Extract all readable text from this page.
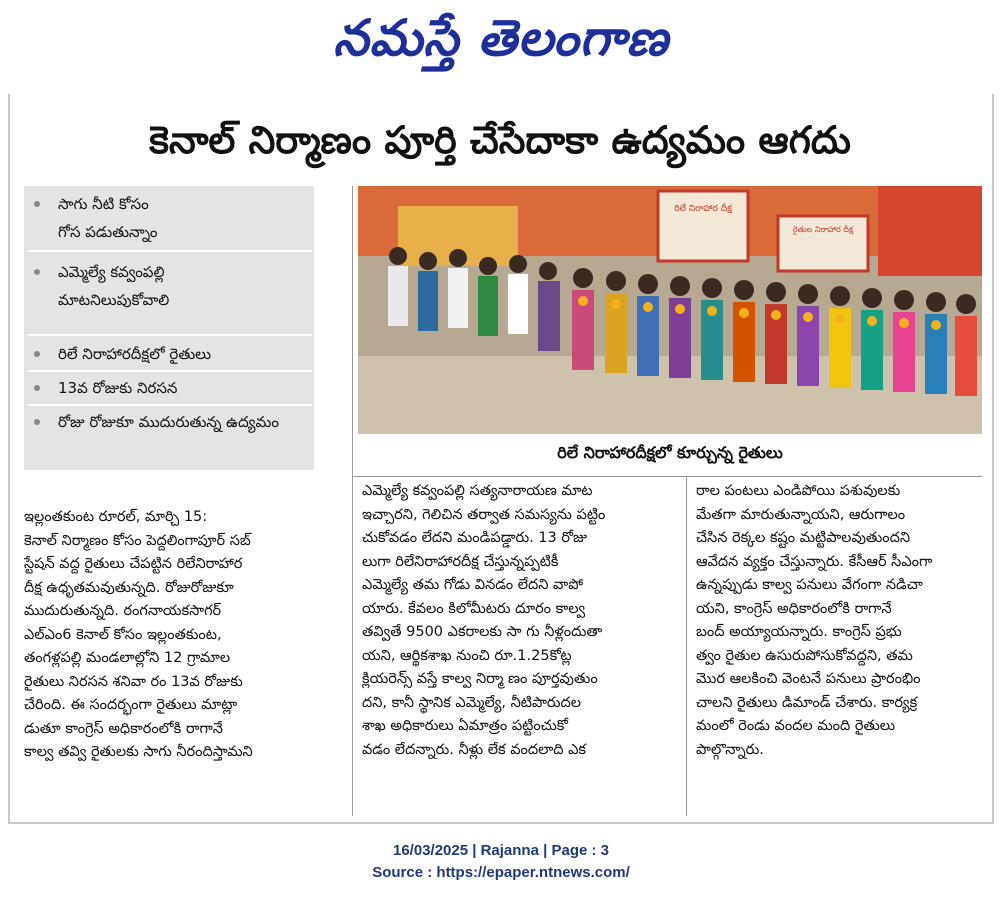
నమస్తే తెలంగాణ
కెనాల్ నిర్మాణం పూర్తి చేసేదాకా ఉద్యమం ఆగదు
సాగు నీటి కోసం
గోస పడుతున్నాం
ఎమ్మెల్యే కవ్వంపల్లి
మాటనిలుపుకోవాలి
రిలే నిరాహారదీక్షలో రైతులు
13వ రోజుకు నిరసన
రోజు రోజుకూ ముదురుతున్న ఉద్యమం
రిలే నిరాహార దీక్ష
రైతుల నిరాహార దీక్ష
రిలే నిరాహారదీక్షలో కూర్చున్న రైతులు
ఇల్లంతకుంట రూరల్, మార్చి 15:
కెనాల్ నిర్మాణం కోసం పెద్దలింగాపూర్ సబ్
స్టేషన్ వద్ద రైతులు చేపట్టిన రిలేనిరాహార
దీక్ష ఉధృతమవుతున్నది. రోజురోజుకూ
ముదురుతున్నది. రంగనాయకసాగర్
ఎల్ఎం6 కెనాల్ కోసం ఇల్లంతకుంట,
తంగళ్లపల్లి మండలాల్లోని 12 గ్రామాల
రైతులు నిరసన శనివా రం 13వ రోజుకు
చేరింది. ఈ సందర్భంగా రైతులు మాట్లా
డుతూ కాంగ్రెస్ అధికారంలోకి రాగానే
కాల్వ తవ్వి రైతులకు సాగు నీరందిస్తామని
ఎమ్మెల్యే కవ్వంపల్లి సత్యనారాయణ మాట
ఇచ్చారని, గెలిచిన తర్వాత సమస్యను పట్టిం
చుకోవడం లేదని మండిపడ్డారు. 13 రోజు
లుగా రిలేనిరాహారదీక్ష చేస్తున్నప్పటికీ
ఎమ్మెల్యే తమ గోడు వినడం లేదని వాపో
యారు. కేవలం కిలోమీటరు దూరం కాల్వ
తవ్వితే 9500 ఎకరాలకు సా గు నీళ్లందుతా
యని, ఆర్థికశాఖ నుంచి రూ.1.25కోట్ల
క్లియరెన్స్ వస్తే కాల్వ నిర్మా ణం పూర్తవుతుం
దని, కానీ స్థానిక ఎమ్మెల్యే, నీటిపారుదల
శాఖ అధికారులు ఏమాత్రం పట్టించుకో
వడం లేదన్నారు. నీళ్లు లేక వందలాది ఎక
రాల పంటలు ఎండిపోయి పశువులకు
మేతగా మారుతున్నాయని, ఆరుగాలం
చేసిన రెక్కల కష్టం మట్టిపాలవుతుందని
ఆవేదన వ్యక్తం చేస్తున్నారు. కేసీఆర్ సీఎంగా
ఉన్నప్పుడు కాల్వ పనులు వేగంగా నడిచా
యని, కాంగ్రెస్ అధికారంలోకి రాగానే
బంద్ అయ్యాయన్నారు. కాంగ్రెస్ ప్రభు
త్వం రైతుల ఉసురుపోసుకోవద్దని, తమ
మొర ఆలకించి వెంటనే పనులు ప్రారంభిం
చాలని రైతులు డిమాండ్ చేశారు. కార్యక్ర
మంలో రెండు వందల మంది రైతులు
పాల్గొన్నారు.
16/03/2025 | Rajanna | Page : 3
Source : https://epaper.ntnews.com/
